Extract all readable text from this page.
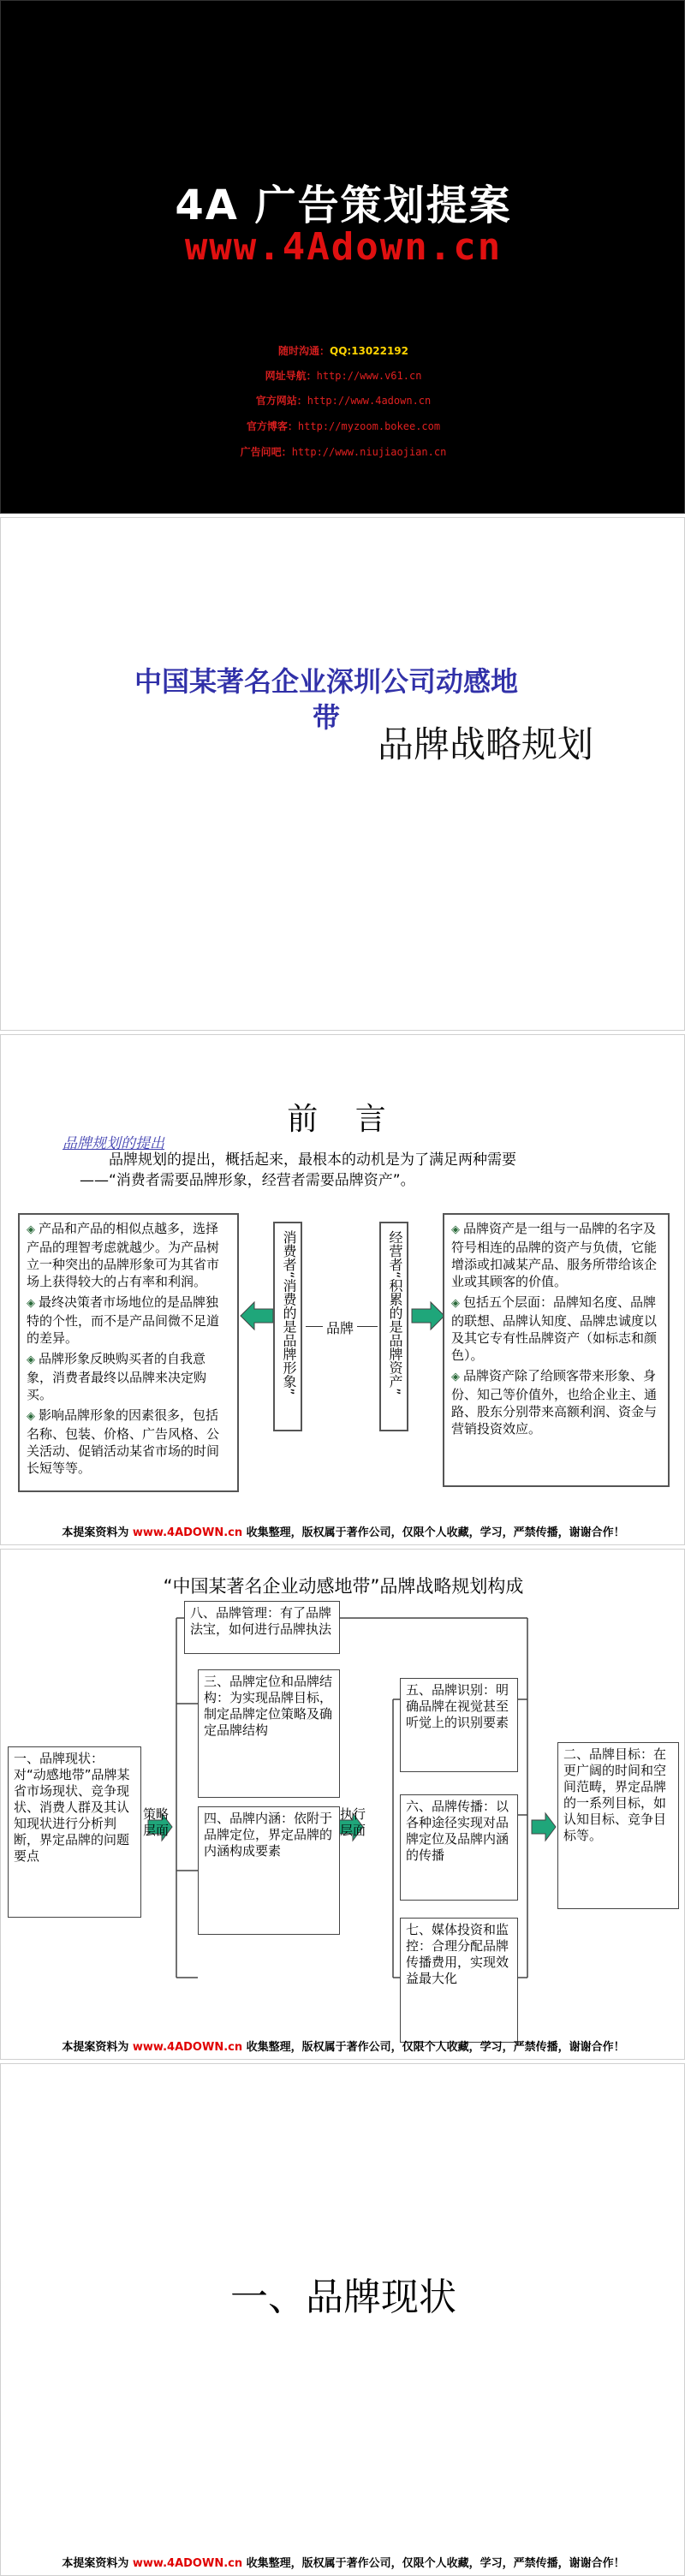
4A 广告策划提案
www.4Adown.cn
随时沟通：QQ:13022192
网址导航：http://www.v61.cn
官方网站：http://www.4adown.cn
官方博客：http://myzoom.bokee.com
广告问吧：http://www.niujiaojian.cn
中国某著名企业深圳公司动感地
带
品牌战略规划
前 言
品牌规划的提出
品牌规划的提出，概括起来，最根本的动机是为了满足两种需要——“消费者需要品牌形象，经营者需要品牌资产”。
◈ 产品和产品的相似点越多，选择产品的理智考虑就越少。为产品树立一种突出的品牌形象可为其省市场上获得较大的占有率和利润。
◈ 最终决策者市场地位的是品牌独特的个性，而不是产品间微不足道的差异。
◈ 品牌形象反映购买者的自我意象，消费者最终以品牌来决定购买。
◈ 影响品牌形象的因素很多，包括名称、包装、价格、广告风格、公关活动、促销活动某省市场的时间长短等等。
消费者“消费的是品牌形象”	品牌	经营者“积累的是品牌资产”
◈ 品牌资产是一组与一品牌的名字及符号相连的品牌的资产与负债，它能增添或扣减某产品、服务所带给该企业或其顾客的价值。
◈ 包括五个层面：品牌知名度、品牌的联想、品牌认知度、品牌忠诚度以及其它专有性品牌资产（如标志和颜色）。
◈ 品牌资产除了给顾客带来形象、身份、知己等价值外，也给企业主、通路、股东分别带来高额利润、资金与营销投资效应。
本提案资料为 www.4ADOWN.cn 收集整理，版权属于著作公司，仅限个人收藏，学习，严禁传播，谢谢合作！
“中国某著名企业动感地带”品牌战略规划构成
一、品牌现状：对“动感地带”品牌某省市场现状、竞争现状、消费人群及其认知现状进行分析判断，界定品牌的问题要点
策略层面
八、品牌管理：有了品牌法宝，如何进行品牌执法
三、品牌定位和品牌结构：为实现品牌目标，制定品牌定位策略及确定品牌结构
四、品牌内涵：依附于品牌定位，界定品牌的内涵构成要素
执行层面
五、品牌识别：明确品牌在视觉甚至听觉上的识别要素
六、品牌传播：以各种途径实现对品牌定位及品牌内涵的传播
七、媒体投资和监控：合理分配品牌传播费用，实现效益最大化
二、品牌目标：在更广阔的时间和空间范畴，界定品牌的一系列目标，如认知目标、竞争目标等。
本提案资料为 www.4ADOWN.cn 收集整理，版权属于著作公司，仅限个人收藏，学习，严禁传播，谢谢合作！
一、品牌现状
本提案资料为 www.4ADOWN.cn 收集整理，版权属于著作公司，仅限个人收藏，学习，严禁传播，谢谢合作！
